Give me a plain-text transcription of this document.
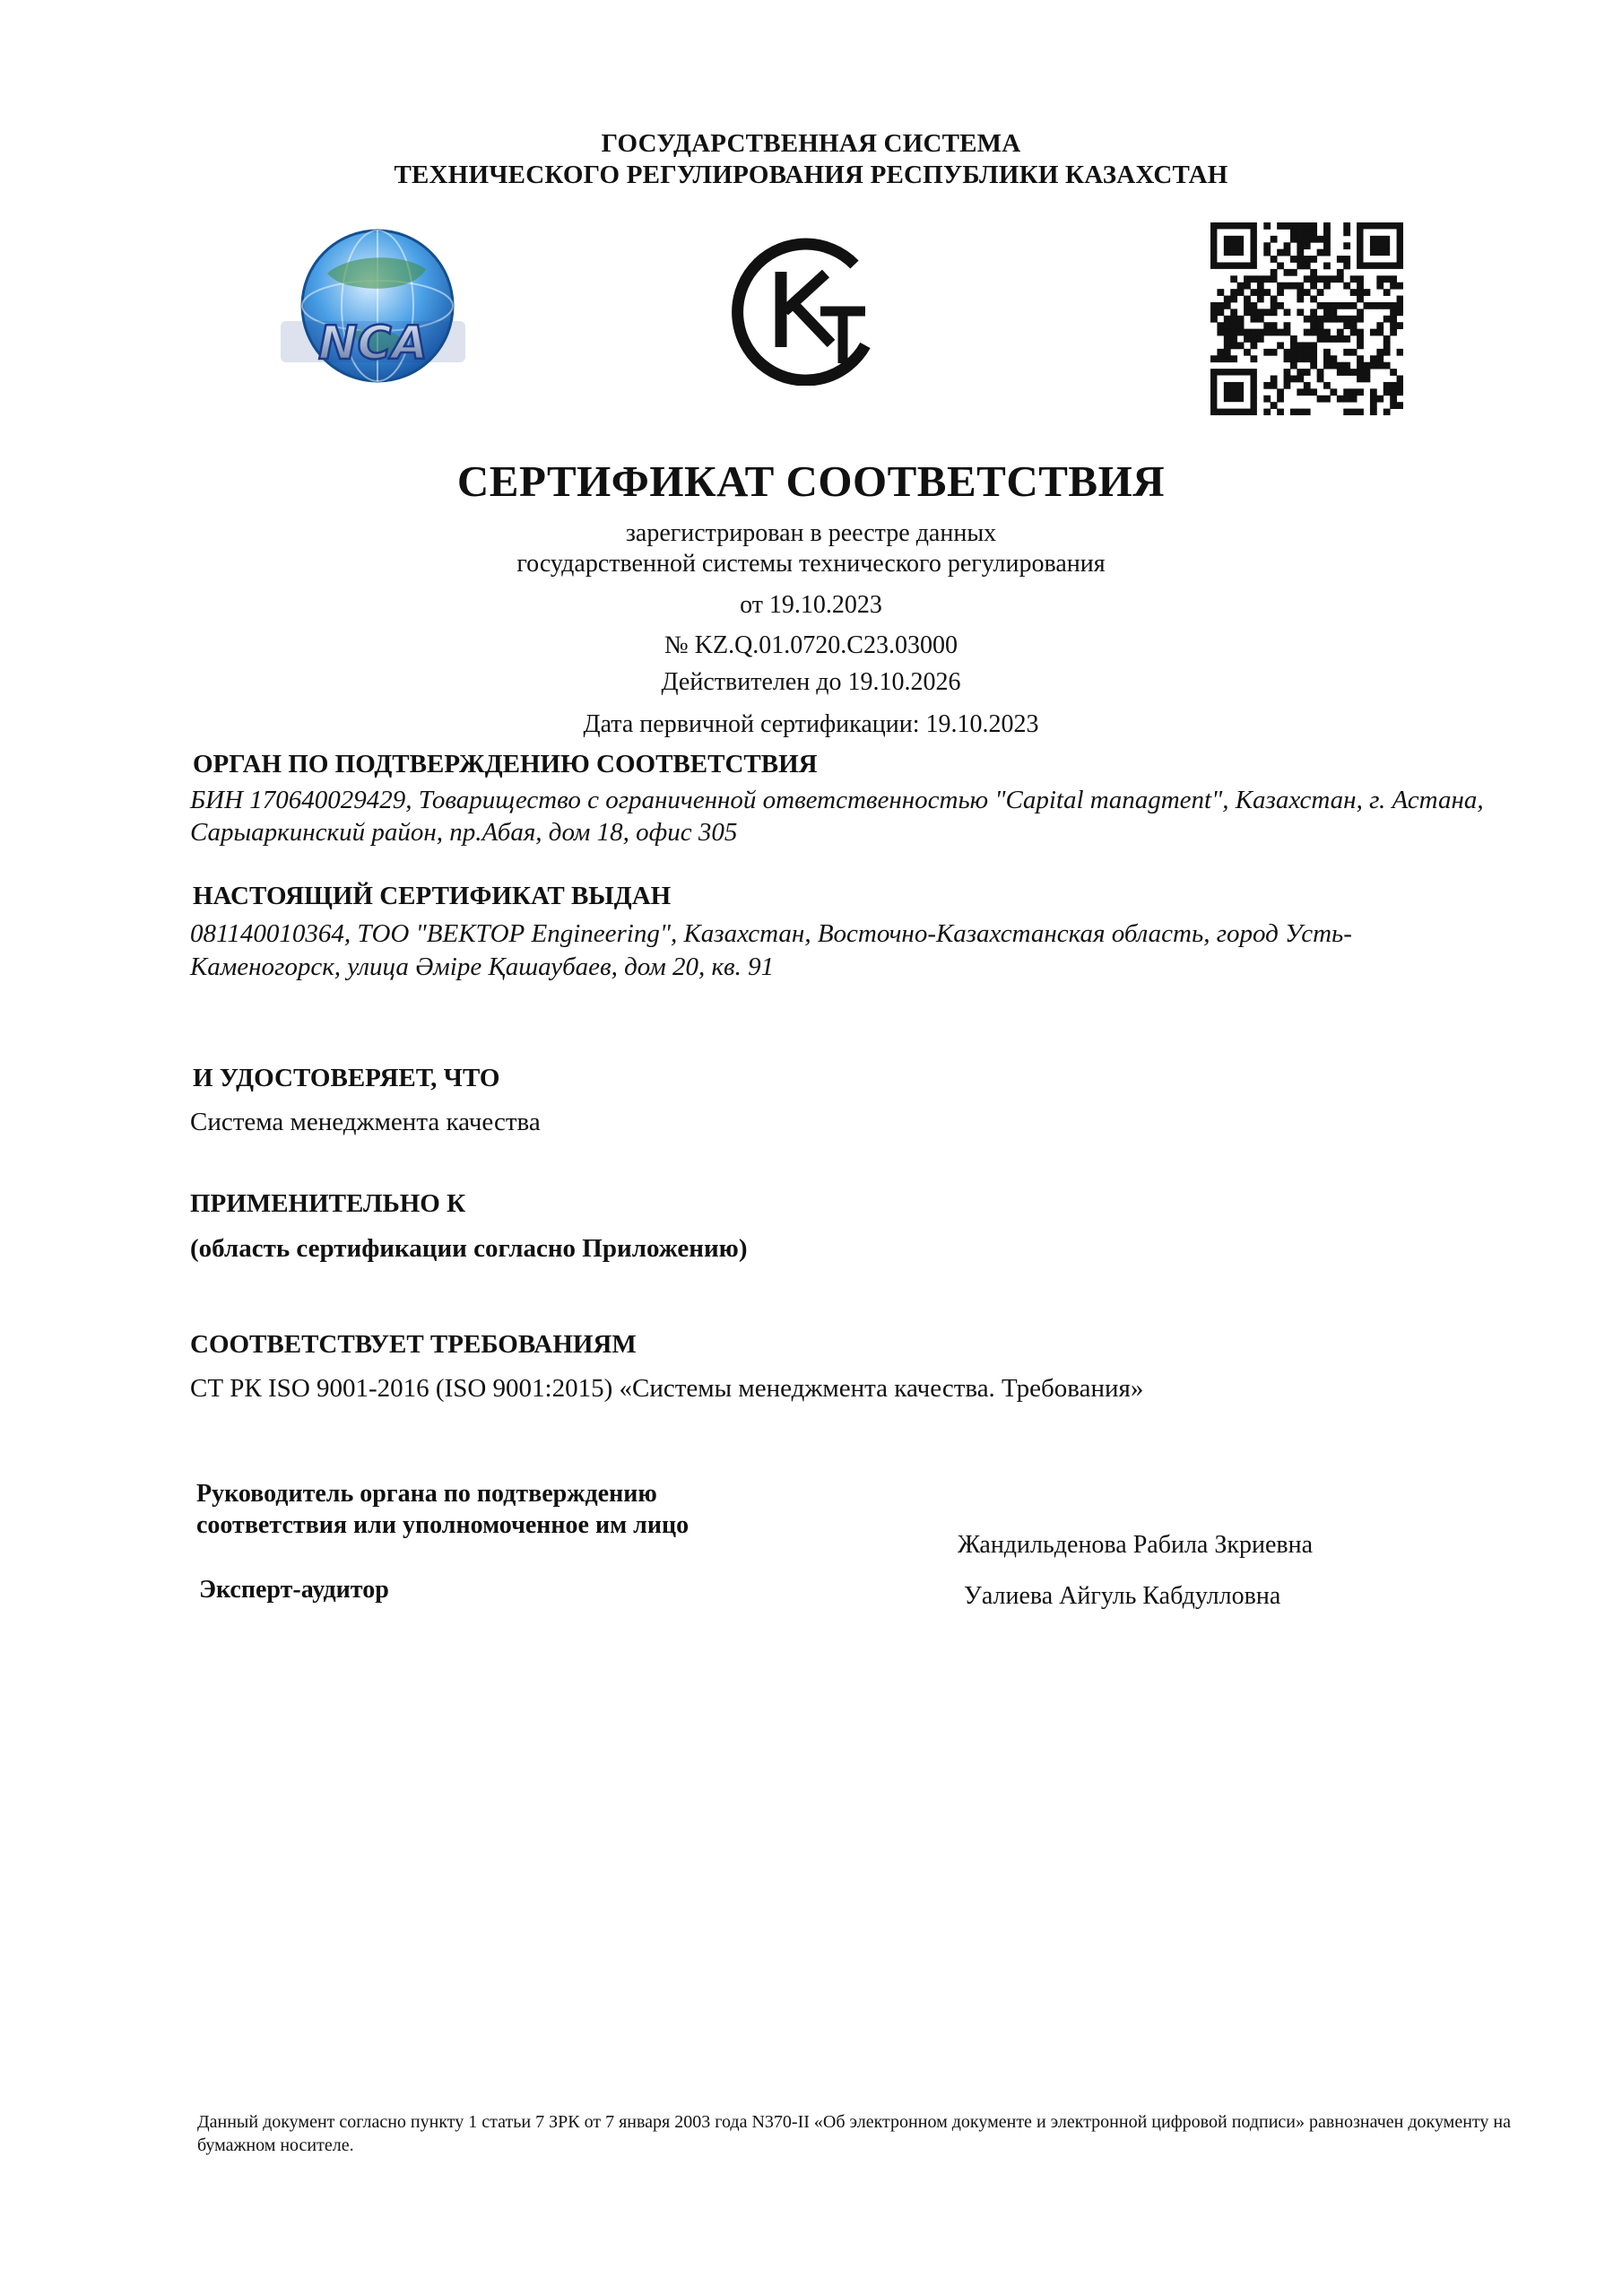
ГОСУДАРСТВЕННАЯ СИСТЕМА
ТЕХНИЧЕСКОГО РЕГУЛИРОВАНИЯ РЕСПУБЛИКИ КАЗАХСТАН
NCA
СЕРТИФИКАТ СООТВЕТСТВИЯ
зарегистрирован в реестре данных
государственной системы технического регулирования
от 19.10.2023
№ KZ.Q.01.0720.C23.03000
Действителен до 19.10.2026
Дата первичной сертификации: 19.10.2023
ОРГАН ПО ПОДТВЕРЖДЕНИЮ СООТВЕТСТВИЯ
БИН 170640029429, Товарищество с ограниченной ответственностью "Capital managment", Казахстан, г. Астана,
Сарыаркинский район, пр.Абая, дом 18, офис 305
НАСТОЯЩИЙ СЕРТИФИКАТ ВЫДАН
081140010364, ТОО "ВЕКТОР Engineering", Казахстан, Восточно-Казахстанская область, город Усть-
Каменогорск, улица Әміре Қашаубаев, дом 20, кв. 91
И УДОСТОВЕРЯЕТ, ЧТО
Система менеджмента качества
ПРИМЕНИТЕЛЬНО К
(область сертификации согласно Приложению)
СООТВЕТСТВУЕТ ТРЕБОВАНИЯМ
СТ РК ISO 9001-2016 (ISO 9001:2015) «Системы менеджмента качества. Требования»
Руководитель органа по подтверждению
соответствия или уполномоченное им лицо
Жандильденова Рабила Зкриевна
Эксперт-аудитор	Уалиева Айгуль Кабдулловна
Данный документ согласно пункту 1 статьи 7 ЗРК от 7 января 2003 года N370-II «Об электронном документе и электронной цифровой подписи» равнозначен документу на бумажном носителе.
